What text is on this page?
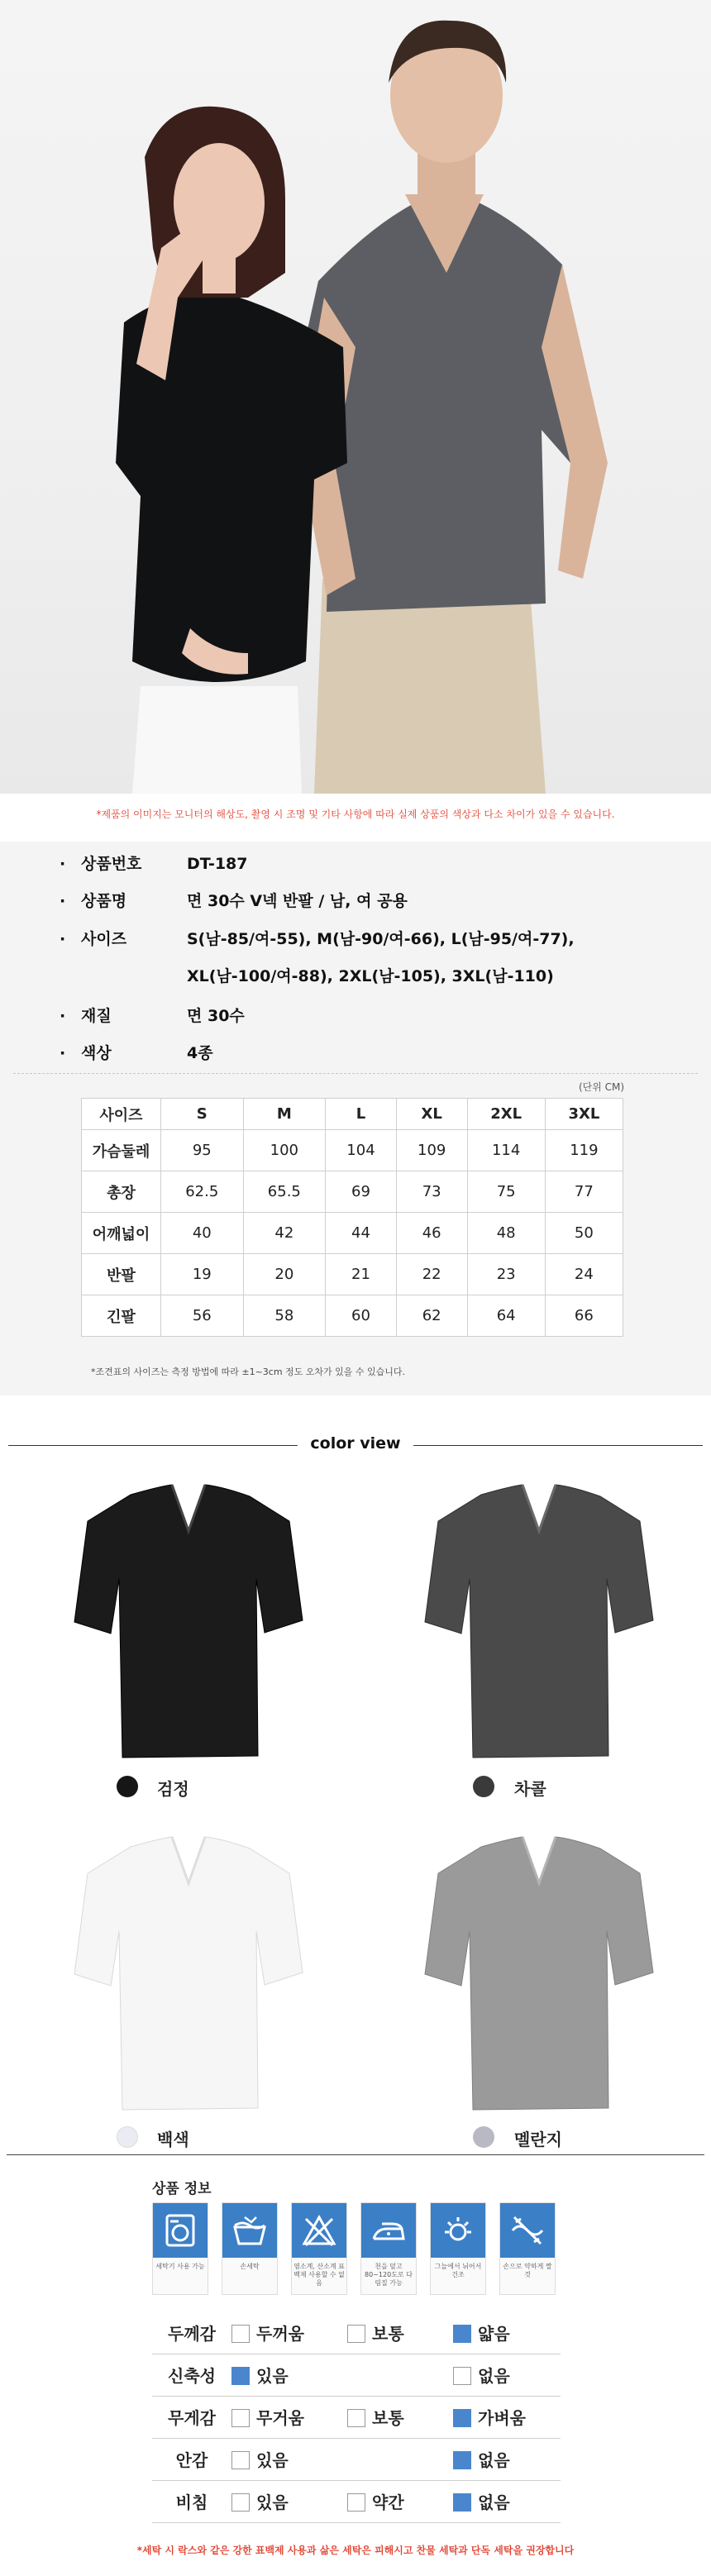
*제품의 이미지는 모니터의 해상도, 촬영 시 조명 및 기타 사항에 따라 실제 상품의 색상과 다소 차이가 있을 수 있습니다.
· 상품번호	DT-187
· 상품명	면 30수 V넥 반팔 / 남, 여 공용
· 사이즈	S(남-85/여-55), M(남-90/여-66), L(남-95/여-77),
XL(남-100/여-88), 2XL(남-105), 3XL(남-110)
· 재질	면 30수
· 색상	4종
(단위 CM)
사이즈	S	M	L	XL	2XL	3XL
가슴둘레	95	100	104	109	114	119
총장	62.5	65.5	69	73	75	77
어깨넓이	40	42	44	46	48	50
반팔	19	20	21	22	23	24
긴팔	56	58	60	62	64	66
*조견표의 사이즈는 측정 방법에 따라 ±1~3cm 정도 오차가 있을 수 있습니다.
color view
검정	차콜
백색	멜란지
상품 정보
세탁기 사용 가능	손세탁	염소계, 산소계 표백제 사용할 수 없음
천을 덮고 80~120도로 다림질 가능
그늘에서 뉘어서 건조
손으로 약하게 짤 것
두께감	두꺼움	보통	얇음
신축성	있음		없음
무게감	무거움	보통	가벼움
안감	있음		없음
비침	있음	약간	없음
*세탁 시 락스와 같은 강한 표백제 사용과 삶은 세탁은 피해시고 찬물 세탁과 단독 세탁을 권장합니다
